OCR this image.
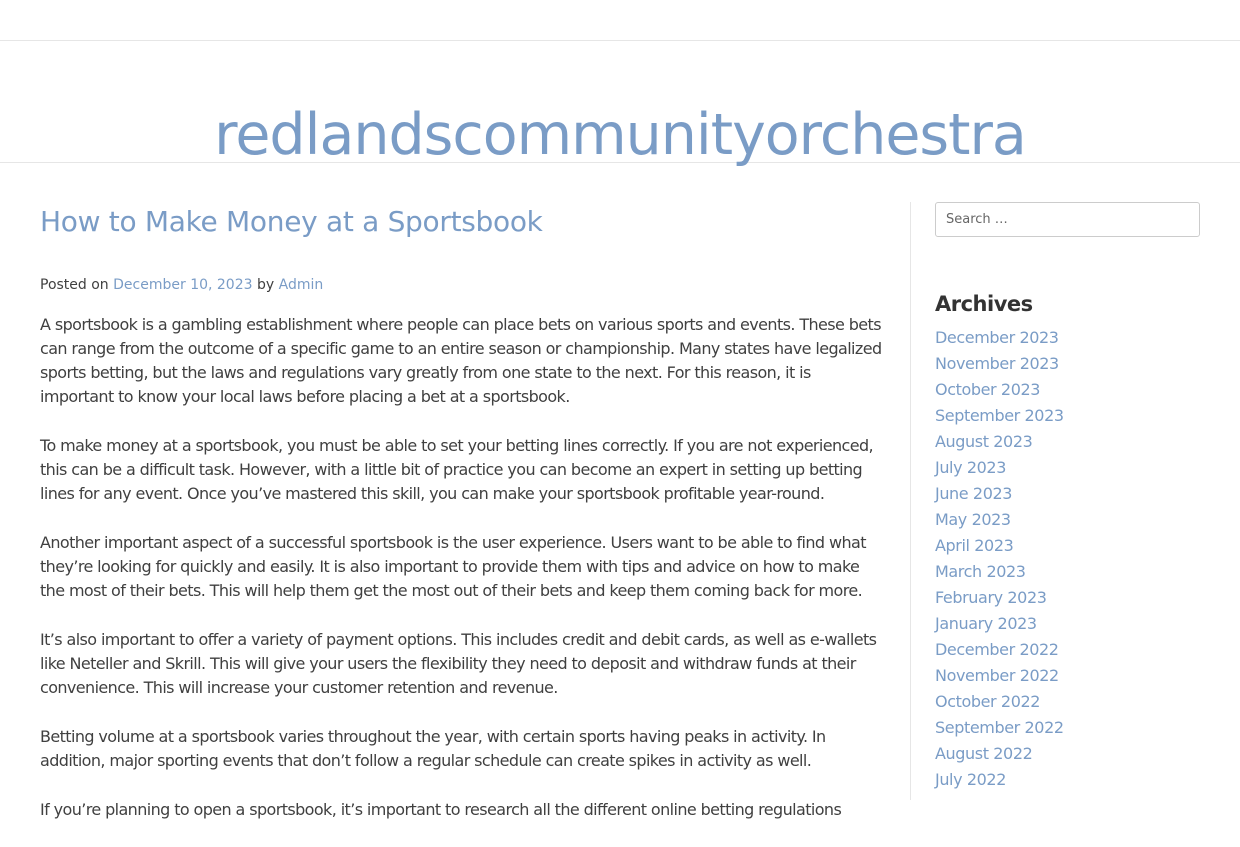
redlandscommunityorchestra
How to Make Money at a Sportsbook
Posted on December 10, 2023 by Admin

A sportsbook is a gambling establishment where people can place bets on various sports and events. These bets can range from the outcome of a specific game to an entire season or championship. Many states have legalized sports betting, but the laws and regulations vary greatly from one state to the next. For this reason, it is important to know your local laws before placing a bet at a sportsbook.

To make money at a sportsbook, you must be able to set your betting lines correctly. If you are not experienced, this can be a difficult task. However, with a little bit of practice you can become an expert in setting up betting lines for any event. Once you’ve mastered this skill, you can make your sportsbook profitable year-round.

Another important aspect of a successful sportsbook is the user experience. Users want to be able to find what they’re looking for quickly and easily. It is also important to provide them with tips and advice on how to make the most of their bets. This will help them get the most out of their bets and keep them coming back for more.

It’s also important to offer a variety of payment options. This includes credit and debit cards, as well as e-wallets like Neteller and Skrill. This will give your users the flexibility they need to deposit and withdraw funds at their convenience. This will increase your customer retention and revenue.

Betting volume at a sportsbook varies throughout the year, with certain sports having peaks in activity. In addition, major sporting events that don’t follow a regular schedule can create spikes in activity as well.

If you’re planning to open a sportsbook, it’s important to research all the different online betting regulations

Search …
Archives
December 2023
November 2023
October 2023
September 2023
August 2023
July 2023
June 2023
May 2023
April 2023
March 2023
February 2023
January 2023
December 2022
November 2022
October 2022
September 2022
August 2022
July 2022
